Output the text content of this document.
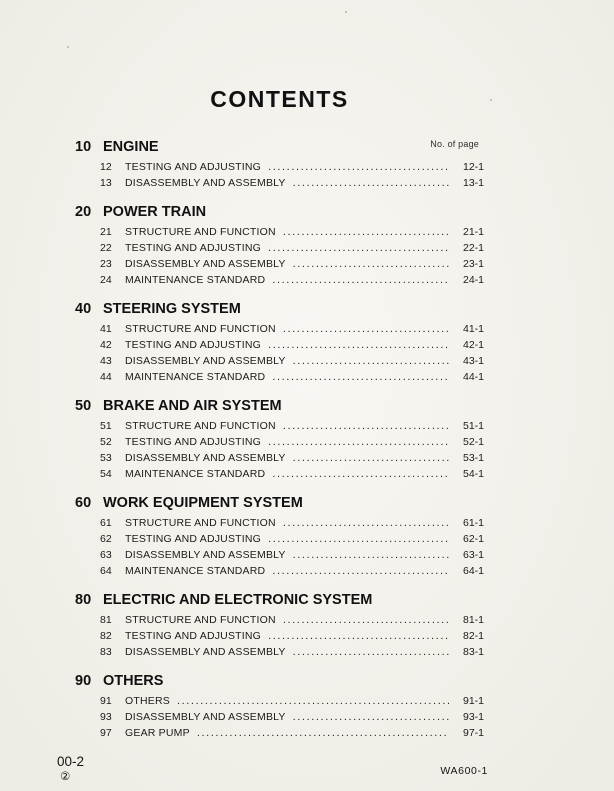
CONTENTS
10 ENGINE	No. of page
12	TESTING AND ADJUSTING .....	12-1
13	DISASSEMBLY AND ASSEMBLY .....	13-1
20 POWER TRAIN
21	STRUCTURE AND FUNCTION .....	21-1
22	TESTING AND ADJUSTING .....	22-1
23	DISASSEMBLY AND ASSEMBLY .....	23-1
24	MAINTENANCE STANDARD .....	24-1
40 STEERING SYSTEM
41	STRUCTURE AND FUNCTION .....	41-1
42	TESTING AND ADJUSTING .....	42-1
43	DISASSEMBLY AND ASSEMBLY .....	43-1
44	MAINTENANCE STANDARD .....	44-1
50 BRAKE AND AIR SYSTEM
51	STRUCTURE AND FUNCTION .....	51-1
52	TESTING AND ADJUSTING .....	52-1
53	DISASSEMBLY AND ASSEMBLY .....	53-1
54	MAINTENANCE STANDARD .....	54-1
60 WORK EQUIPMENT SYSTEM
61	STRUCTURE AND FUNCTION .....	61-1
62	TESTING AND ADJUSTING .....	62-1
63	DISASSEMBLY AND ASSEMBLY .....	63-1
64	MAINTENANCE STANDARD .....	64-1
80 ELECTRIC AND ELECTRONIC SYSTEM
81	STRUCTURE AND FUNCTION .....	81-1
82	TESTING AND ADJUSTING .....	82-1
83	DISASSEMBLY AND ASSEMBLY .....	83-1
90 OTHERS
91	OTHERS .....	91-1
93	DISASSEMBLY AND ASSEMBLY .....	93-1
97	GEAR PUMP .....	97-1
00-2
②	WA600-1
